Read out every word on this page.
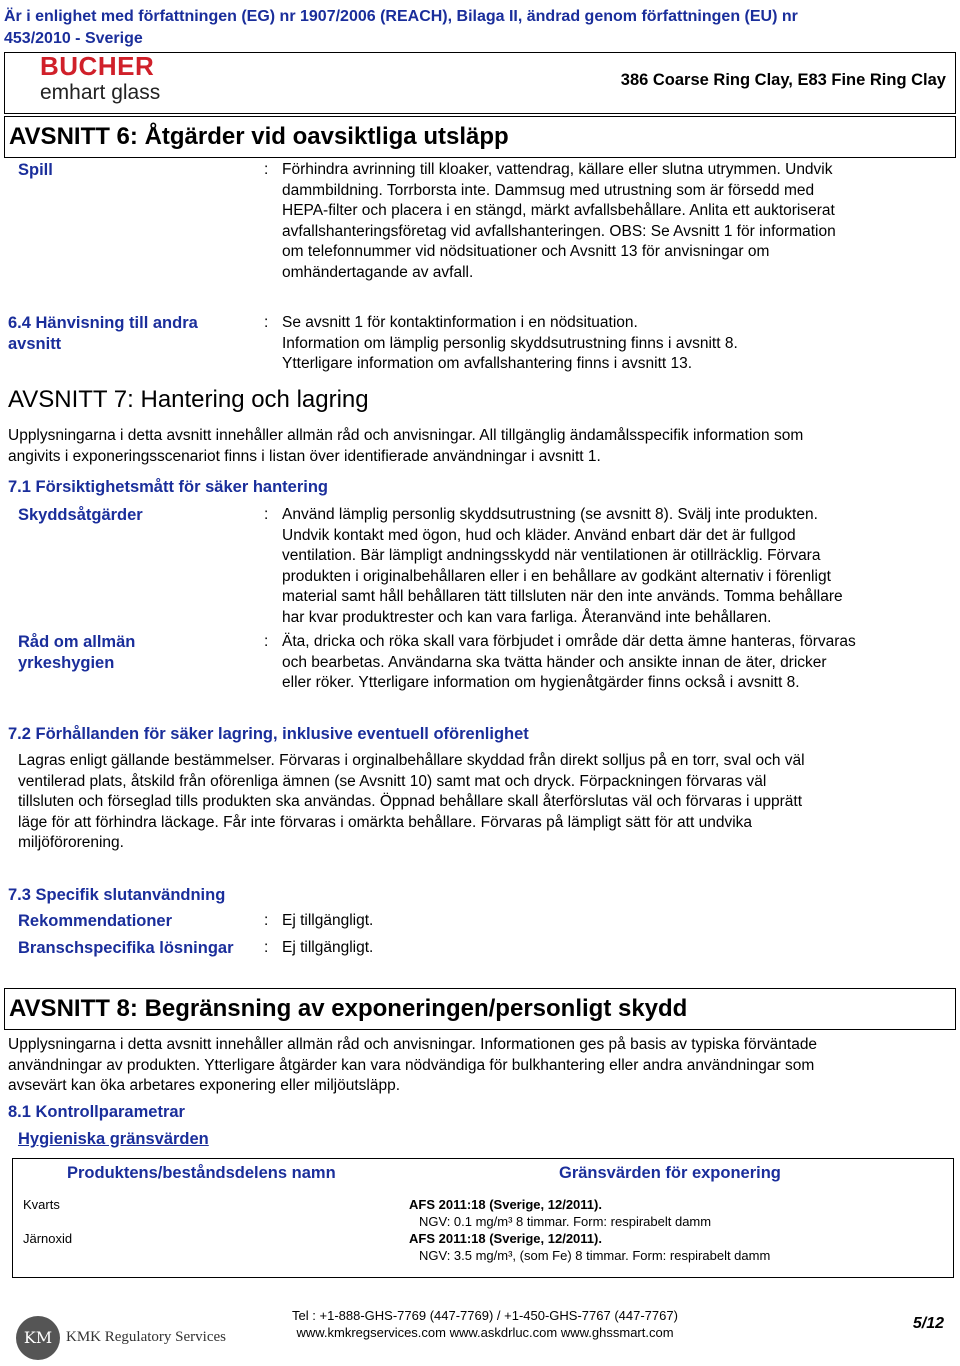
Är i enlighet med författningen (EG) nr 1907/2006 (REACH), Bilaga II, ändrad genom författningen (EU) nr
453/2010 - Sverige
BUCHER
emhart glass
386 Coarse Ring Clay, E83 Fine Ring Clay
AVSNITT 6: Åtgärder vid oavsiktliga utsläpp
Spill	: Förhindra avrinning till kloaker, vattendrag, källare eller slutna utrymmen. Undvik
dammbildning. Torrborsta inte. Dammsug med utrustning som är försedd med
HEPA-filter och placera i en stängd, märkt avfallsbehållare. Anlita ett auktoriserat
avfallshanteringsföretag vid avfallshanteringen. OBS: Se Avsnitt 1 för information
om telefonnummer vid nödsituationer och Avsnitt 13 för anvisningar om
omhändertagande av avfall.
6.4 Hänvisning till andra
avsnitt
: Se avsnitt 1 för kontaktinformation i en nödsituation.
Information om lämplig personlig skyddsutrustning finns i avsnitt 8.
Ytterligare information om avfallshantering finns i avsnitt 13.
AVSNITT 7: Hantering och lagring
Upplysningarna i detta avsnitt innehåller allmän råd och anvisningar. All tillgänglig ändamålsspecifik information som
angivits i exponeringsscenariot finns i listan över identifierade användningar i avsnitt 1.
7.1 Försiktighetsmått för säker hantering
Skyddsåtgärder	: Använd lämplig personlig skyddsutrustning (se avsnitt 8). Svälj inte produkten.
Undvik kontakt med ögon, hud och kläder. Använd enbart där det är fullgod
ventilation. Bär lämpligt andningsskydd när ventilationen är otillräcklig. Förvara
produkten i originalbehållaren eller i en behållare av godkänt alternativ i förenligt
material samt håll behållaren tätt tillsluten när den inte används. Tomma behållare
har kvar produktrester och kan vara farliga. Återanvänd inte behållaren.
Råd om allmän
yrkeshygien
: Äta, dricka och röka skall vara förbjudet i område där detta ämne hanteras, förvaras
och bearbetas. Användarna ska tvätta händer och ansikte innan de äter, dricker
eller röker. Ytterligare information om hygienåtgärder finns också i avsnitt 8.
7.2 Förhållanden för säker lagring, inklusive eventuell oförenlighet
Lagras enligt gällande bestämmelser. Förvaras i orginalbehållare skyddad från direkt solljus på en torr, sval och väl
ventilerad plats, åtskild från oförenliga ämnen (se Avsnitt 10) samt mat och dryck. Förpackningen förvaras väl
tillsluten och förseglad tills produkten ska användas. Öppnad behållare skall återförslutas väl och förvaras i upprätt
läge för att förhindra läckage. Får inte förvaras i omärkta behållare. Förvaras på lämpligt sätt för att undvika
miljöförorening.
7.3 Specifik slutanvändning
Rekommendationer	: Ej tillgängligt.
Branschspecifika lösningar : Ej tillgängligt.
AVSNITT 8: Begränsning av exponeringen/personligt skydd
Upplysningarna i detta avsnitt innehåller allmän råd och anvisningar. Informationen ges på basis av typiska förväntade
användningar av produkten. Ytterligare åtgärder kan vara nödvändiga för bulkhantering eller andra användningar som
avsevärt kan öka arbetares exponering eller miljöutsläpp.
8.1 Kontrollparametrar
Hygieniska gränsvärden
Produktens/beståndsdelens namn	Gränsvärden för exponering
Kvarts	AFS 2011:18 (Sverige, 12/2011).
NGV: 0.1 mg/m³ 8 timmar. Form: respirabelt damm
Järnoxid	AFS 2011:18 (Sverige, 12/2011).
NGV: 3.5 mg/m³, (som Fe) 8 timmar. Form: respirabelt damm
KM KMK Regulatory Services
Tel : +1-888-GHS-7769 (447-7769) / +1-450-GHS-7767 (447-7767)
www.kmkregservices.com www.askdrluc.com www.ghssmart.com
5/12
